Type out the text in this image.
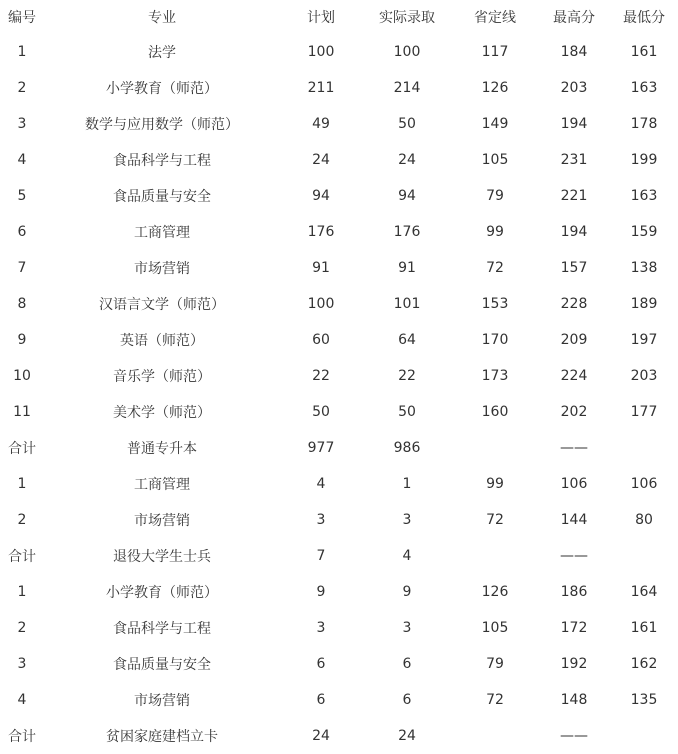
编号	专业	计划	实际录取	省定线	最高分	最低分
1	法学	100	100	117	184	161
2	小学教育（师范）	211	214	126	203	163
3	数学与应用数学（师范）	49	50	149	194	178
4	食品科学与工程	24	24	105	231	199
5	食品质量与安全	94	94	79	221	163
6	工商管理	176	176	99	194	159
7	市场营销	91	91	72	157	138
8	汉语言文学（师范）	100	101	153	228	189
9	英语（师范）	60	64	170	209	197
10	音乐学（师范）	22	22	173	224	203
11	美术学（师范）	50	50	160	202	177
合计	普通专升本	977	986		——	
1	工商管理	4	1	99	106	106
2	市场营销	3	3	72	144	80
合计	退役大学生士兵	7	4		——	
1	小学教育（师范）	9	9	126	186	164
2	食品科学与工程	3	3	105	172	161
3	食品质量与安全	6	6	79	192	162
4	市场营销	6	6	72	148	135
合计	贫困家庭建档立卡	24	24		——	
